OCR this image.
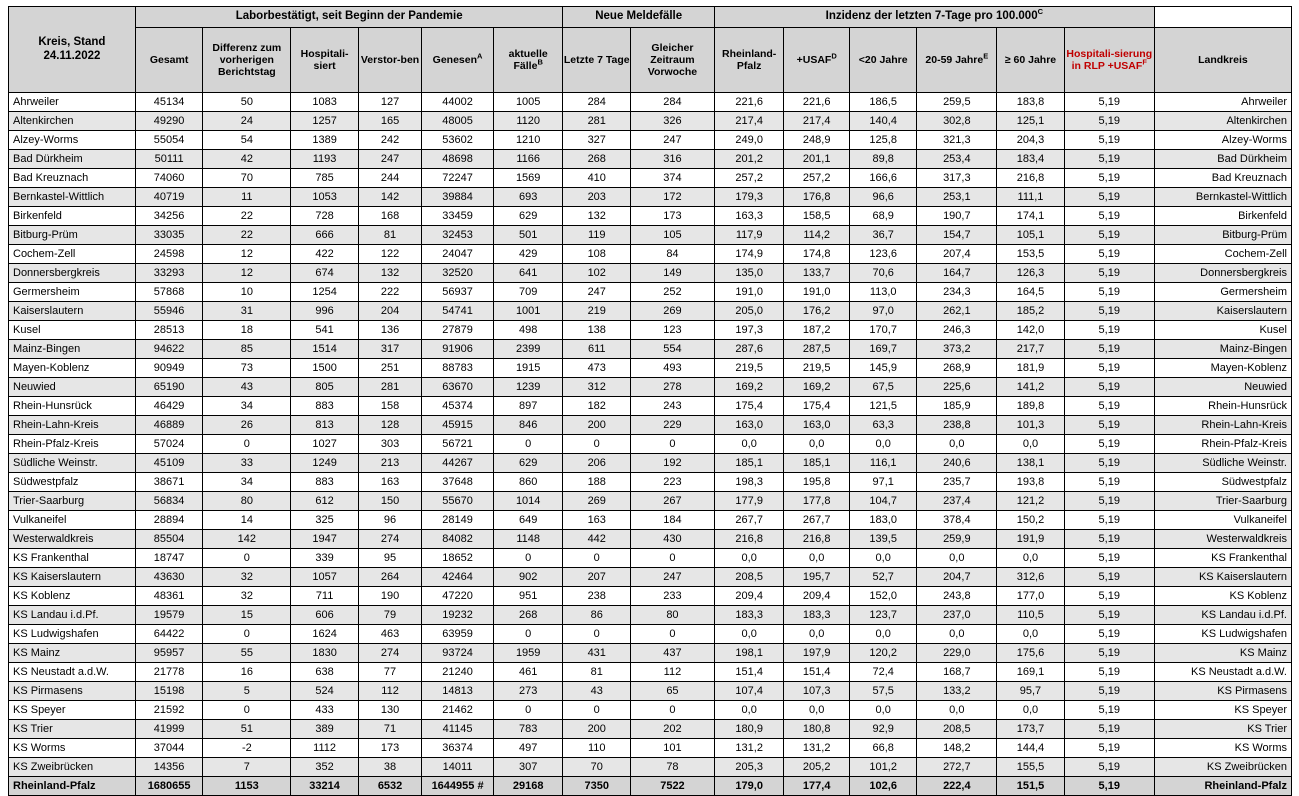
Kreis, Stand
24.11.2022	Laborbestätigt, seit Beginn der Pandemie						Neue Meldefälle		Inzidenz der letzten 7-Tage pro $100.000^C$	
	Gesamt	Differenz zum vorherigen Berichtstag	Hospitali-siert	Verstor-ben	Genesen$^A$	aktuelle Fälle$^B$	Letzte 7 Tage	Gleicher Zeitraum Vorwoche	Rheinland-Pfalz	$+USAF^D$	<20 Jahre	20-59 Jahre$^E$	≥ 60 Jahre	Hospitali-sierung in RLP $+USAF^F$	Landkreis
Ahrweiler	45134	50	1083	127	44002	1005	284	284	221,6	221,6	186,5	259,5	183,8	5,19	Ahrweiler
Altenkirchen	49290	24	1257	165	48005	1120	281	326	217,4	217,4	140,4	302,8	125,1	5,19	Altenkirchen
Alzey-Worms	55054	54	1389	242	53602	1210	327	247	249,0	248,9	125,8	321,3	204,3	5,19	Alzey-Worms
Bad Dürkheim	50111	42	1193	247	48698	1166	268	316	201,2	201,1	89,8	253,4	183,4	5,19	Bad Dürkheim
Bad Kreuznach	74060	70	785	244	72247	1569	410	374	257,2	257,2	166,6	317,3	216,8	5,19	Bad Kreuznach
Bernkastel-Wittlich	40719	11	1053	142	39884	693	203	172	179,3	176,8	96,6	253,1	111,1	5,19	Bernkastel-Wittlich
Birkenfeld	34256	22	728	168	33459	629	132	173	163,3	158,5	68,9	190,7	174,1	5,19	Birkenfeld
Bitburg-Prüm	33035	22	666	81	32453	501	119	105	117,9	114,2	36,7	154,7	105,1	5,19	Bitburg-Prüm
Cochem-Zell	24598	12	422	122	24047	429	108	84	174,9	174,8	123,6	207,4	153,5	5,19	Cochem-Zell
Donnersbergkreis	33293	12	674	132	32520	641	102	149	135,0	133,7	70,6	164,7	126,3	5,19	Donnersbergkreis
Germersheim	57868	10	1254	222	56937	709	247	252	191,0	191,0	113,0	234,3	164,5	5,19	Germersheim
Kaiserslautern	55946	31	996	204	54741	1001	219	269	205,0	176,2	97,0	262,1	185,2	5,19	Kaiserslautern
Kusel	28513	18	541	136	27879	498	138	123	197,3	187,2	170,7	246,3	142,0	5,19	Kusel
Mainz-Bingen	94622	85	1514	317	91906	2399	611	554	287,6	287,5	169,7	373,2	217,7	5,19	Mainz-Bingen
Mayen-Koblenz	90949	73	1500	251	88783	1915	473	493	219,5	219,5	145,9	268,9	181,9	5,19	Mayen-Koblenz
Neuwied	65190	43	805	281	63670	1239	312	278	169,2	169,2	67,5	225,6	141,2	5,19	Neuwied
Rhein-Hunsrück	46429	34	883	158	45374	897	182	243	175,4	175,4	121,5	185,9	189,8	5,19	Rhein-Hunsrück
Rhein-Lahn-Kreis	46889	26	813	128	45915	846	200	229	163,0	163,0	63,3	238,8	101,3	5,19	Rhein-Lahn-Kreis
Rhein-Pfalz-Kreis	57024	0	1027	303	56721	0	0	0	0,0	0,0	0,0	0,0	0,0	5,19	Rhein-Pfalz-Kreis
Südliche Weinstr.	45109	33	1249	213	44267	629	206	192	185,1	185,1	116,1	240,6	138,1	5,19	Südliche Weinstr.
Südwestpfalz	38671	34	883	163	37648	860	188	223	198,3	195,8	97,1	235,7	193,8	5,19	Südwestpfalz
Trier-Saarburg	56834	80	612	150	55670	1014	269	267	177,9	177,8	104,7	237,4	121,2	5,19	Trier-Saarburg
Vulkaneifel	28894	14	325	96	28149	649	163	184	267,7	267,7	183,0	378,4	150,2	5,19	Vulkaneifel
Westerwaldkreis	85504	142	1947	274	84082	1148	442	430	216,8	216,8	139,5	259,9	191,9	5,19	Westerwaldkreis
KS Frankenthal	18747	0	339	95	18652	0	0	0	0,0	0,0	0,0	0,0	0,0	5,19	KS Frankenthal
KS Kaiserslautern	43630	32	1057	264	42464	902	207	247	208,5	195,7	52,7	204,7	312,6	5,19	KS Kaiserslautern
KS Koblenz	48361	32	711	190	47220	951	238	233	209,4	209,4	152,0	243,8	177,0	5,19	KS Koblenz
KS Landau i.d.Pf.	19579	15	606	79	19232	268	86	80	183,3	183,3	123,7	237,0	110,5	5,19	KS Landau i.d.Pf.
KS Ludwigshafen	64422	0	1624	463	63959	0	0	0	0,0	0,0	0,0	0,0	0,0	5,19	KS Ludwigshafen
KS Mainz	95957	55	1830	274	93724	1959	431	437	198,1	197,9	120,2	229,0	175,6	5,19	KS Mainz
KS Neustadt a.d.W.	21778	16	638	77	21240	461	81	112	151,4	151,4	72,4	168,7	169,1	5,19	KS Neustadt a.d.W.
KS Pirmasens	15198	5	524	112	14813	273	43	65	107,4	107,3	57,5	133,2	95,7	5,19	KS Pirmasens
KS Speyer	21592	0	433	130	21462	0	0	0	0,0	0,0	0,0	0,0	0,0	5,19	KS Speyer
KS Trier	41999	51	389	71	41145	783	200	202	180,9	180,8	92,9	208,5	173,7	5,19	KS Trier
KS Worms	37044	-2	1112	173	36374	497	110	101	131,2	131,2	66,8	148,2	144,4	5,19	KS Worms
KS Zweibrücken	14356	7	352	38	14011	307	70	78	205,3	205,2	101,2	272,7	155,5	5,19	KS Zweibrücken
Rheinland-Pfalz	1680655	1153	33214	6532	1644955 #	29168	7350	7522	179,0	177,4	102,6	222,4	151,5	5,19	Rheinland-Pfalz
